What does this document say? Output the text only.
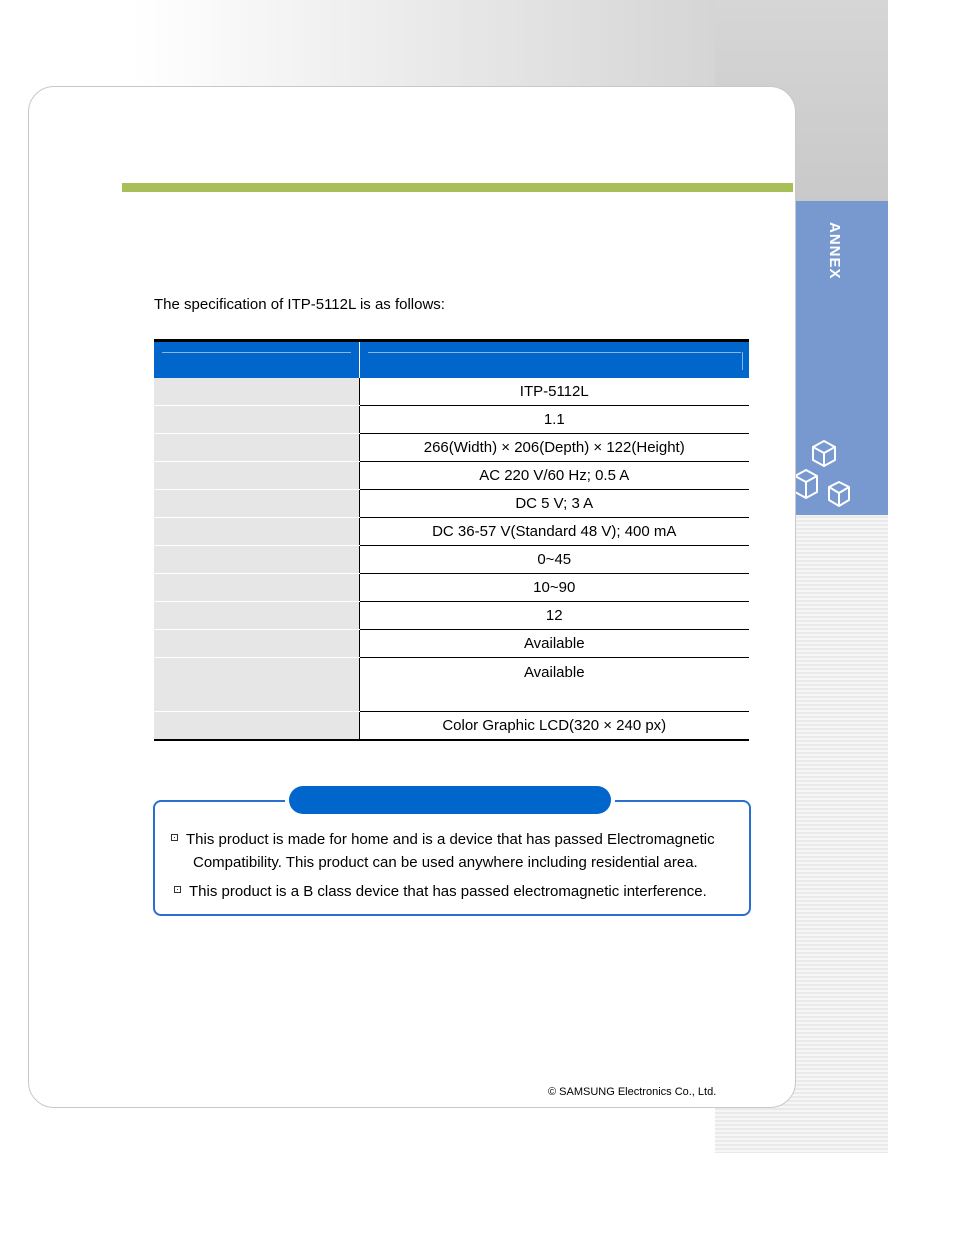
ANNEX
The specification of ITP-5112L is as follows:

	ITP-5112L
	1.1
	266(Width) × 206(Depth) × 122(Height)
	AC 220 V/60 Hz; 0.5 A
	DC 5 V; 3 A
	DC 36-57 V(Standard 48 V); 400 mA
	0~45
	10~90
	12
	Available
	Available
	Color Graphic LCD(320 × 240 px)
This product is made for home and is a device that has passed Electromagnetic
Compatibility. This product can be used anywhere including residential area.
This product is a B class device that has passed electromagnetic interference.
© SAMSUNG Electronics Co., Ltd.
